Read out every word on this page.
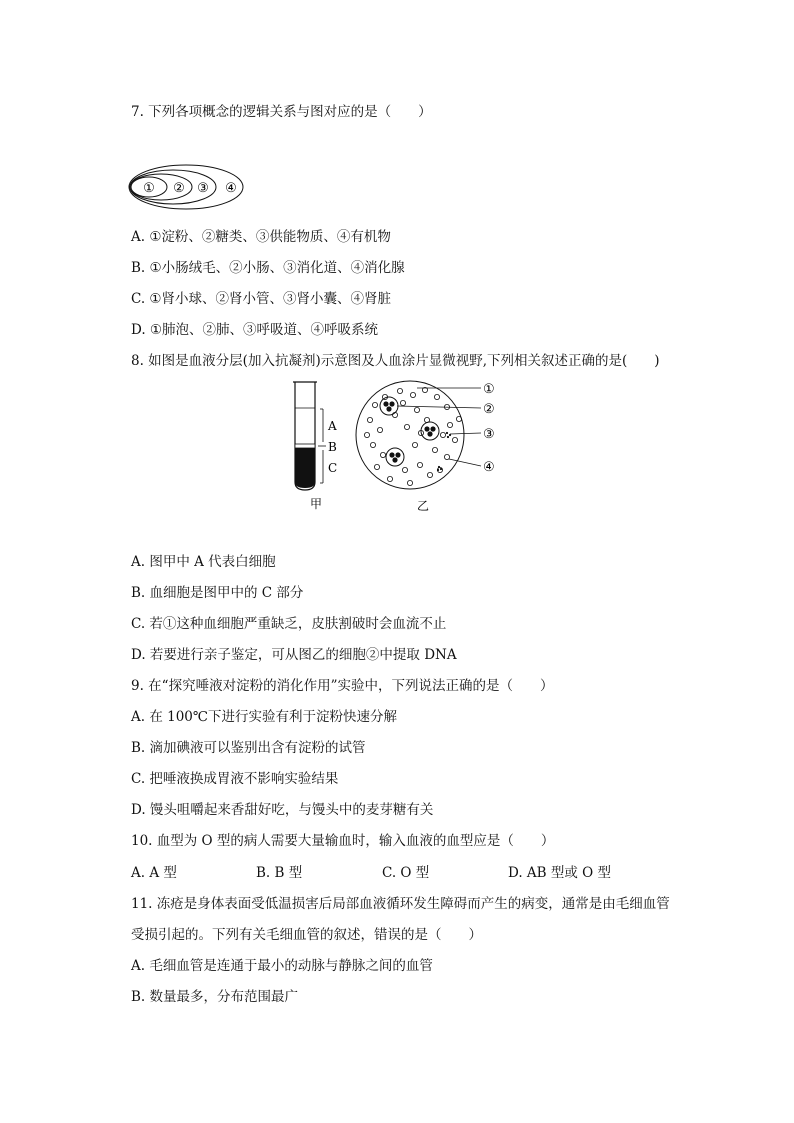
7. 下列各项概念的逻辑关系与图对应的是（　　）
① ② ③ ④
A. ①淀粉、②糖类、③供能物质、④有机物
B. ①小肠绒毛、②小肠、③消化道、④消化腺
C. ①肾小球、②肾小管、③肾小囊、④肾脏
D. ①肺泡、②肺、③呼吸道、④呼吸系统
8. 如图是血液分层(加入抗凝剂)示意图及人血涂片显微视野,下列相关叙述正确的是(　　)
A
B
C
甲
①
②
③
④
乙
A. 图甲中 A 代表白细胞
B. 血细胞是图甲中的 C 部分
C. 若①这种血细胞严重缺乏，皮肤割破时会血流不止
D. 若要进行亲子鉴定，可从图乙的细胞②中提取 DNA
9. 在“探究唾液对淀粉的消化作用”实验中，下列说法正确的是（　　）
A. 在 100℃下进行实验有利于淀粉快速分解
B. 滴加碘液可以鉴别出含有淀粉的试管
C. 把唾液换成胃液不影响实验结果
D. 馒头咀嚼起来香甜好吃，与馒头中的麦芽糖有关
10. 血型为 O 型的病人需要大量输血时，输入血液的血型应是（　　）
A. A 型	B. B 型	C. O 型	D. AB 型或 O 型
11. 冻疮是身体表面受低温损害后局部血液循环发生障碍而产生的病变，通常是由毛细血管
受损引起的。下列有关毛细血管的叙述，错误的是（　　）
A. 毛细血管是连通于最小的动脉与静脉之间的血管
B. 数量最多，分布范围最广
